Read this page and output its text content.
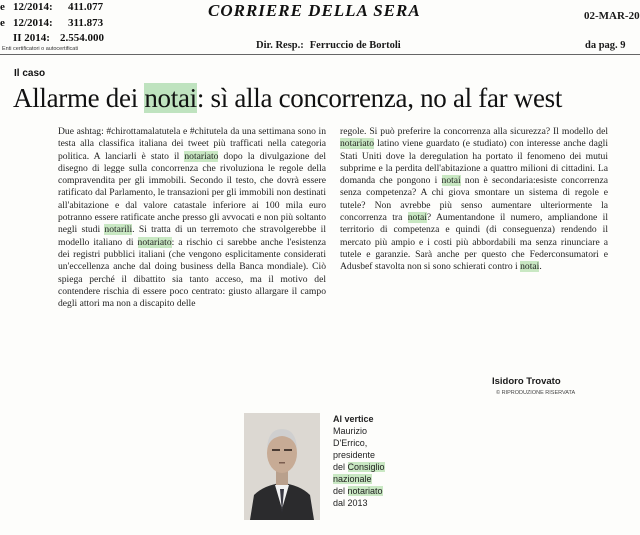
e 12/2014: 411.077
e 12/2014: 311.873
II 2014: 2.554.000
Enti certificatori o autocertificati
CORRIERE DELLA SERA	02-MAR-20
Dir. Resp.: Ferruccio de Bortoli	da pag. 9
Il caso
Allarme dei notai: sì alla concorrenza, no al far west

Due ashtag: #chirottamalatutela e #chitutela da una settimana sono in testa alla classifica italiana dei tweet più trafficati nella categoria politica. A lanciarli è stato il notariato dopo la divulgazione del disegno di legge sulla concorrenza che rivoluziona le regole della compravendita per gli immobili. Secondo il testo, che dovrà essere ratificato dal Parlamento, le transazioni per gli immobili non destinati all'abitazione e dal valore catastale inferiore ai 100 mila euro potranno essere ratificate anche presso gli avvocati e non più soltanto negli studi notarili. Si tratta di un terremoto che stravolgerebbe il modello italiano di notariato: a rischio ci sarebbe anche l'esistenza dei registri pubblici italiani (che vengono esplicitamente considerati un'eccellenza anche dal doing business della Banca mondiale). Ciò spiega perché il dibattito sia tanto acceso, ma il motivo del contendere rischia di essere poco centrato: giusto allargare il campo degli attori ma non a discapito delle

regole. Si può preferire la concorrenza alla sicurezza? Il modello del notariato latino viene guardato (e studiato) con interesse anche dagli Stati Uniti dove la deregulation ha portato il fenomeno dei mutui subprime e la perdita dell'abitazione a quattro milioni di cittadini. La domanda che pongono i notai non è secondaria:esiste concorrenza senza competenza? A chi giova smontare un sistema di regole e tutele? Non avrebbe più senso aumentare ulteriormente la concorrenza tra notai? Aumentandone il numero, ampliandone il territorio di competenza e quindi (di conseguenza) rendendo il mercato più ampio e i costi più abbordabili ma senza rinunciare a tutele e garanzie. Sarà anche per questo che Federconsumatori e Adusbef stavolta non si sono schierati contro i notai.

Isidoro Trovato
© RIPRODUZIONE RISERVATA
Al vertice
Maurizio
D'Errico,
presidente
del Consiglio
nazionale
del notariato
dal 2013
